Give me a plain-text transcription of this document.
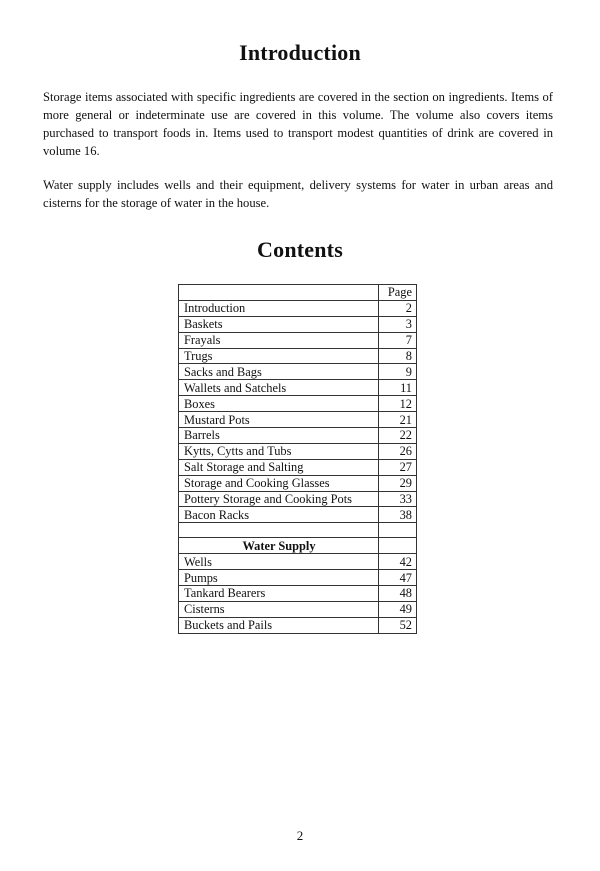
Introduction
Storage items associated with specific ingredients are covered in the section on ingredients. Items of more general or indeterminate use are covered in this volume. The volume also covers items purchased to transport foods in. Items used to transport modest quantities of drink are covered in volume 16.
Water supply includes wells and their equipment, delivery systems for water in urban areas and cisterns for the storage of water in the house.
Contents
	Page
Introduction	2
Baskets	3
Frayals	7
Trugs	8
Sacks and Bags	9
Wallets and Satchels	11
Boxes	12
Mustard Pots	21
Barrels	22
Kytts, Cytts and Tubs	26
Salt Storage and Salting	27
Storage and Cooking Glasses	29
Pottery Storage and Cooking Pots	33
Bacon Racks	38

Water Supply	
Wells	42
Pumps	47
Tankard Bearers	48
Cisterns	49
Buckets and Pails	52
2
